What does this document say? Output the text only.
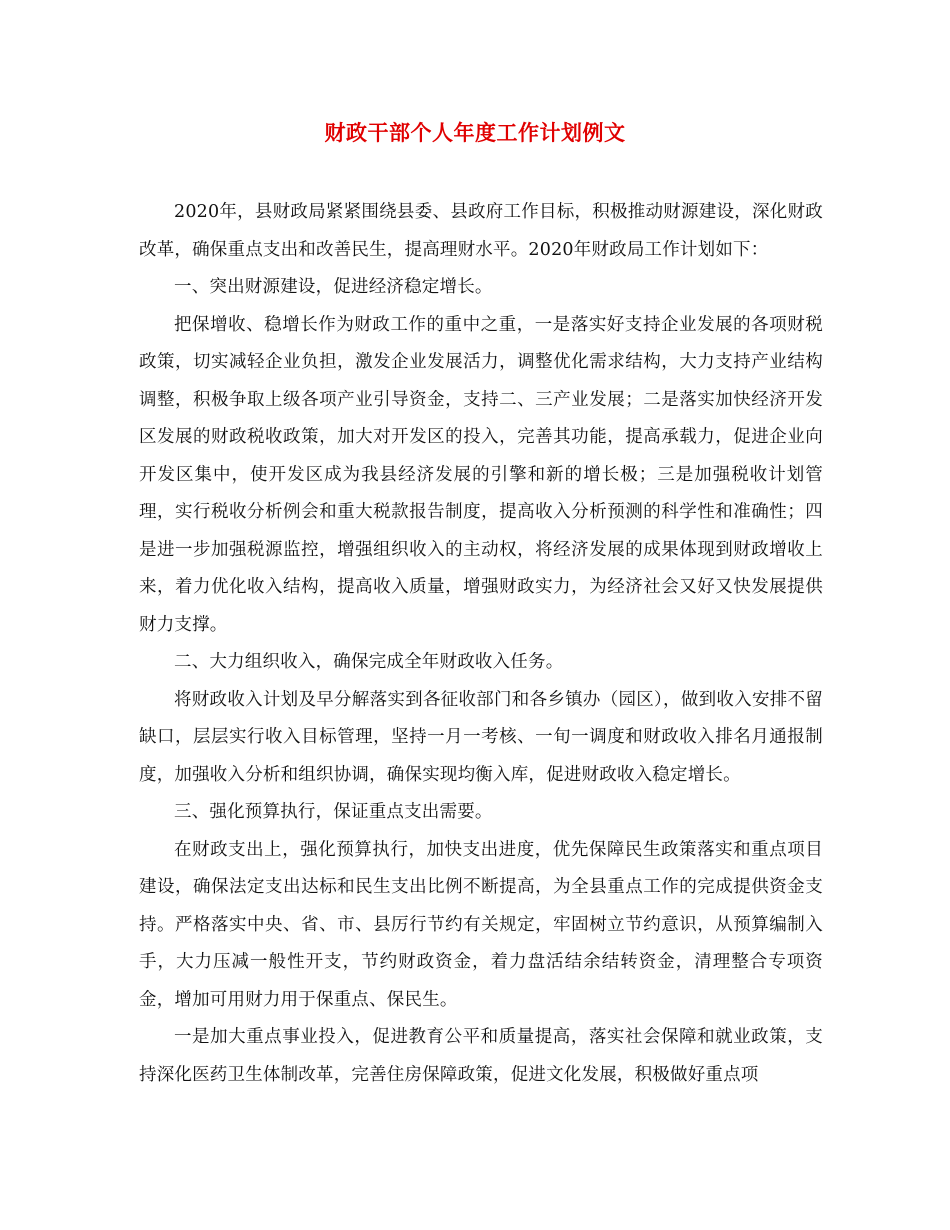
财政干部个人年度工作计划例文

2020年，县财政局紧紧围绕县委、县政府工作目标，积极推动财源建设，深化财政改革，确保重点支出和改善民生，提高理财水平。2020年财政局工作计划如下：

一、突出财源建设，促进经济稳定增长。

把保增收、稳增长作为财政工作的重中之重，一是落实好支持企业发展的各项财税政策，切实减轻企业负担，激发企业发展活力，调整优化需求结构，大力支持产业结构调整，积极争取上级各项产业引导资金，支持二、三产业发展；二是落实加快经济开发区发展的财政税收政策，加大对开发区的投入，完善其功能，提高承载力，促进企业向开发区集中，使开发区成为我县经济发展的引擎和新的增长极；三是加强税收计划管理，实行税收分析例会和重大税款报告制度，提高收入分析预测的科学性和准确性；四是进一步加强税源监控，增强组织收入的主动权，将经济发展的成果体现到财政增收上来，着力优化收入结构，提高收入质量，增强财政实力，为经济社会又好又快发展提供财力支撑。

二、大力组织收入，确保完成全年财政收入任务。

将财政收入计划及早分解落实到各征收部门和各乡镇办（园区），做到收入安排不留缺口，层层实行收入目标管理，坚持一月一考核、一旬一调度和财政收入排名月通报制度，加强收入分析和组织协调，确保实现均衡入库，促进财政收入稳定增长。

三、强化预算执行，保证重点支出需要。

在财政支出上，强化预算执行，加快支出进度，优先保障民生政策落实和重点项目建设，确保法定支出达标和民生支出比例不断提高，为全县重点工作的完成提供资金支持。严格落实中央、省、市、县厉行节约有关规定，牢固树立节约意识，从预算编制入手，大力压减一般性开支，节约财政资金，着力盘活结余结转资金，清理整合专项资金，增加可用财力用于保重点、保民生。

一是加大重点事业投入，促进教育公平和质量提高，落实社会保障和就业政策，支持深化医药卫生体制改革，完善住房保障政策，促进文化发展，积极做好重点项
